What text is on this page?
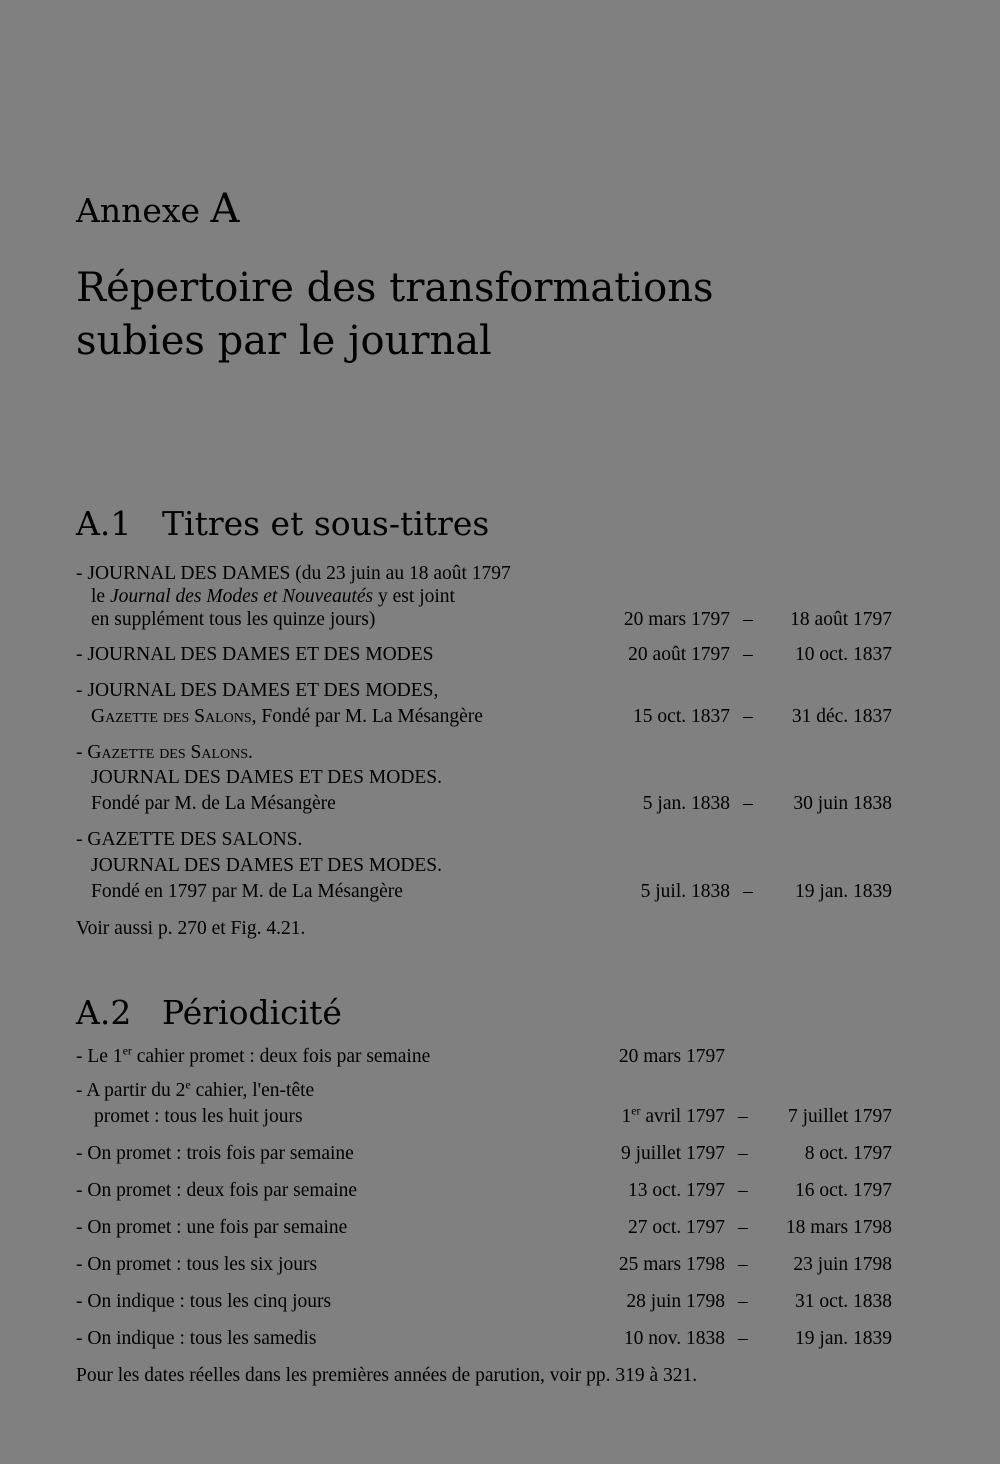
Annexe A
Répertoire des transformations
subies par le journal
A.1 Titres et sous-titres
- JOURNAL DES DAMES (du 23 juin au 18 août 1797
le Journal des Modes et Nouveautés y est joint
en supplément tous les quinze jours)	20 mars 1797 –	18 août 1797
- JOURNAL DES DAMES ET DES MODES	20 août 1797 –	10 oct. 1837
- JOURNAL DES DAMES ET DES MODES,
Gazette des Salons, Fondé par M. La Mésangère	15 oct. 1837 –	31 déc. 1837
- Gazette des Salons.
JOURNAL DES DAMES ET DES MODES.
Fondé par M. de La Mésangère	5 jan. 1838 –	30 juin 1838
- GAZETTE DES SALONS.
JOURNAL DES DAMES ET DES MODES.
Fondé en 1797 par M. de La Mésangère	5 juil. 1838 –	19 jan. 1839
Voir aussi p. 270 et Fig. 4.21.
A.2 Périodicité
- Le 1er cahier promet : deux fois par semaine	20 mars 1797
- A partir du 2e cahier, l'en-tête
promet : tous les huit jours	1er avril 1797 –	7 juillet 1797
- On promet : trois fois par semaine	9 juillet 1797 –	8 oct. 1797
- On promet : deux fois par semaine	13 oct. 1797 –	16 oct. 1797
- On promet : une fois par semaine	27 oct. 1797 –	18 mars 1798
- On promet : tous les six jours	25 mars 1798 –	23 juin 1798
- On indique : tous les cinq jours	28 juin 1798 –	31 oct. 1838
- On indique : tous les samedis	10 nov. 1838 –	19 jan. 1839
Pour les dates réelles dans les premières années de parution, voir pp. 319 à 321.
